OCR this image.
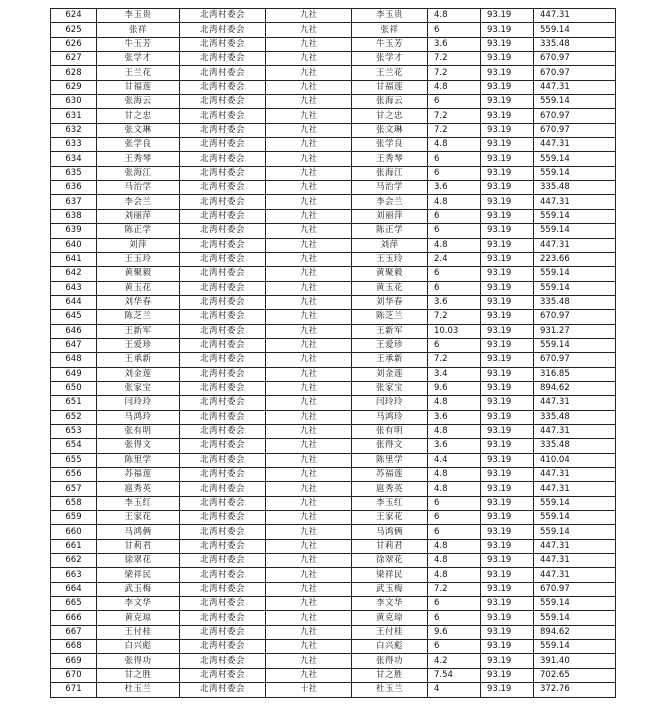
624	李玉贵	北湾村委会	九社	李玉贵	4.8	93.19	447.31
625	张祥	北湾村委会	九社	张祥	6	93.19	559.14
626	牛玉芳	北湾村委会	九社	牛玉芳	3.6	93.19	335.48
627	张学才	北湾村委会	九社	张学才	7.2	93.19	670.97
628	王兰花	北湾村委会	九社	王兰花	7.2	93.19	670.97
629	甘福莲	北湾村委会	九社	甘福莲	4.8	93.19	447.31
630	张海云	北湾村委会	九社	张海云	6	93.19	559.14
631	甘之忠	北湾村委会	九社	甘之忠	7.2	93.19	670.97
632	张文琳	北湾村委会	九社	张文琳	7.2	93.19	670.97
633	张学良	北湾村委会	九社	张学良	4.8	93.19	447.31
634	王秀琴	北湾村委会	九社	王秀琴	6	93.19	559.14
635	张海江	北湾村委会	九社	张海江	6	93.19	559.14
636	马治学	北湾村委会	九社	马治学	3.6	93.19	335.48
637	李会兰	北湾村委会	九社	李会兰	4.8	93.19	447.31
638	刘丽萍	北湾村委会	九社	刘丽萍	6	93.19	559.14
639	陈正学	北湾村委会	九社	陈正学	6	93.19	559.14
640	刘萍	北湾村委会	九社	刘萍	4.8	93.19	447.31
641	王玉玲	北湾村委会	九社	王玉玲	2.4	93.19	223.66
642	黄聚毅	北湾村委会	九社	黄聚毅	6	93.19	559.14
643	黄玉花	北湾村委会	九社	黄玉花	6	93.19	559.14
644	刘华春	北湾村委会	九社	刘华春	3.6	93.19	335.48
645	陈芝兰	北湾村委会	九社	陈芝兰	7.2	93.19	670.97
646	王新军	北湾村委会	九社	王新军	10.03	93.19	931.27
647	王爱珍	北湾村委会	九社	王爱珍	6	93.19	559.14
648	王承新	北湾村委会	九社	王承新	7.2	93.19	670.97
649	刘金莲	北湾村委会	九社	刘金莲	3.4	93.19	316.85
650	张家宝	北湾村委会	九社	张家宝	9.6	93.19	894.62
651	闫玲玲	北湾村委会	九社	闫玲玲	4.8	93.19	447.31
652	马鸿玲	北湾村委会	九社	马鸿玲	3.6	93.19	335.48
653	张有明	北湾村委会	九社	张有明	4.8	93.19	447.31
654	张得文	北湾村委会	九社	张得文	3.6	93.19	335.48
655	陈里学	北湾村委会	九社	陈里学	4.4	93.19	410.04
656	苏福莲	北湾村委会	九社	苏福莲	4.8	93.19	447.31
657	扈秀英	北湾村委会	九社	扈秀英	4.8	93.19	447.31
658	李玉红	北湾村委会	九社	李玉红	6	93.19	559.14
659	王家花	北湾村委会	九社	王家花	6	93.19	559.14
660	马鸿俩	北湾村委会	九社	马鸿俩	6	93.19	559.14
661	甘莉君	北湾村委会	九社	甘莉君	4.8	93.19	447.31
662	徐翠花	北湾村委会	九社	徐翠花	4.8	93.19	447.31
663	梁祥民	北湾村委会	九社	梁祥民	4.8	93.19	447.31
664	武玉梅	北湾村委会	九社	武玉梅	7.2	93.19	670.97
665	李文华	北湾村委会	九社	李文华	6	93.19	559.14
666	黄克琼	北湾村委会	九社	黄克琼	6	93.19	559.14
667	王付桂	北湾村委会	九社	王付桂	9.6	93.19	894.62
668	白兴彪	北湾村委会	九社	白兴彪	6	93.19	559.14
669	张得功	北湾村委会	九社	张得功	4.2	93.19	391.40
670	甘之胜	北湾村委会	九社	甘之胜	7.54	93.19	702.65
671	杜玉兰	北湾村委会	十社	杜玉兰	4	93.19	372.76
